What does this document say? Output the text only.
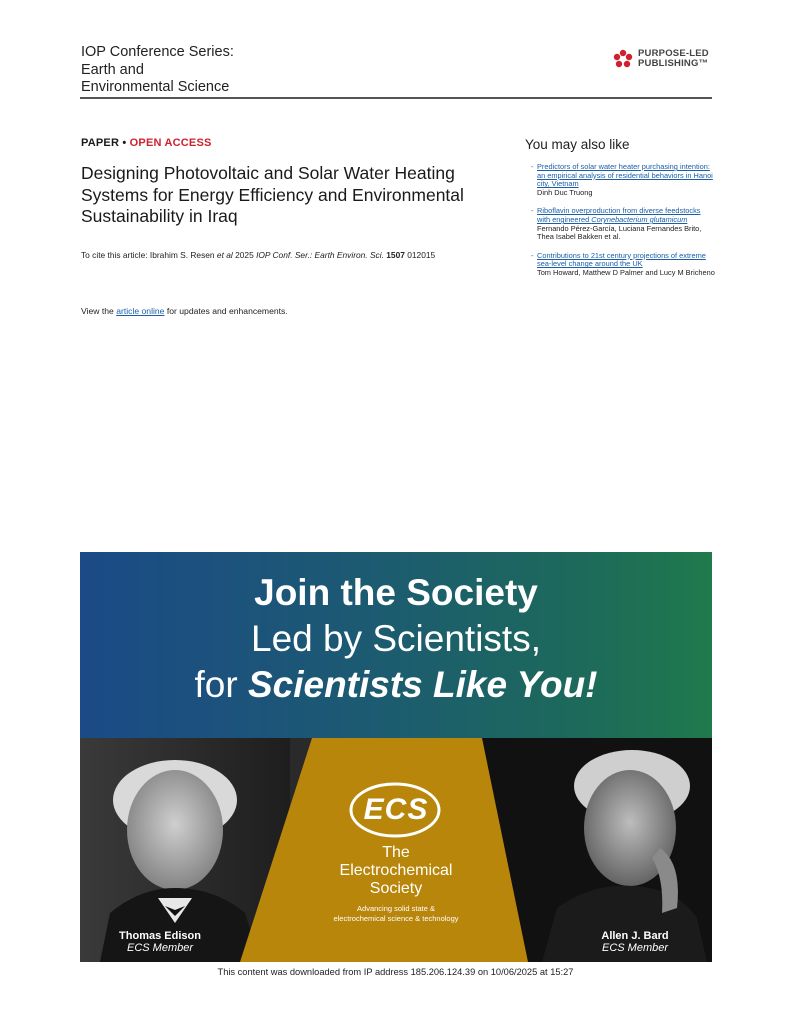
IOP Conference Series:
Earth and
Environmental Science
PURPOSE-LED
PUBLISHING™
PAPER • OPEN ACCESS
Designing Photovoltaic and Solar Water Heating Systems for Energy Efficiency and Environmental Sustainability in Iraq
To cite this article: Ibrahim S. Resen et al 2025 IOP Conf. Ser.: Earth Environ. Sci. 1507 012015
View the article online for updates and enhancements.
You may also like
- Predictors of solar water heater purchasing intention: an empirical analysis of residential behaviors in Hanoi city, Vietnam
Dinh Duc Truong
- Riboflavin overproduction from diverse feedstocks with engineered Corynebacterium glutamicum
Fernando Pérez-García, Luciana Fernandes Brito, Thea Isabel Bakken et al.
- Contributions to 21st century projections of extreme sea-level change around the UK
Tom Howard, Matthew D Palmer and Lucy M Bricheno
Join the Society
Led by Scientists,
for Scientists Like You!
ECS
The
Electrochemical
Society
Advancing solid state &
electrochemical science & technology
Thomas Edison
ECS Member
Allen J. Bard
ECS Member
This content was downloaded from IP address 185.206.124.39 on 10/06/2025 at 15:27
